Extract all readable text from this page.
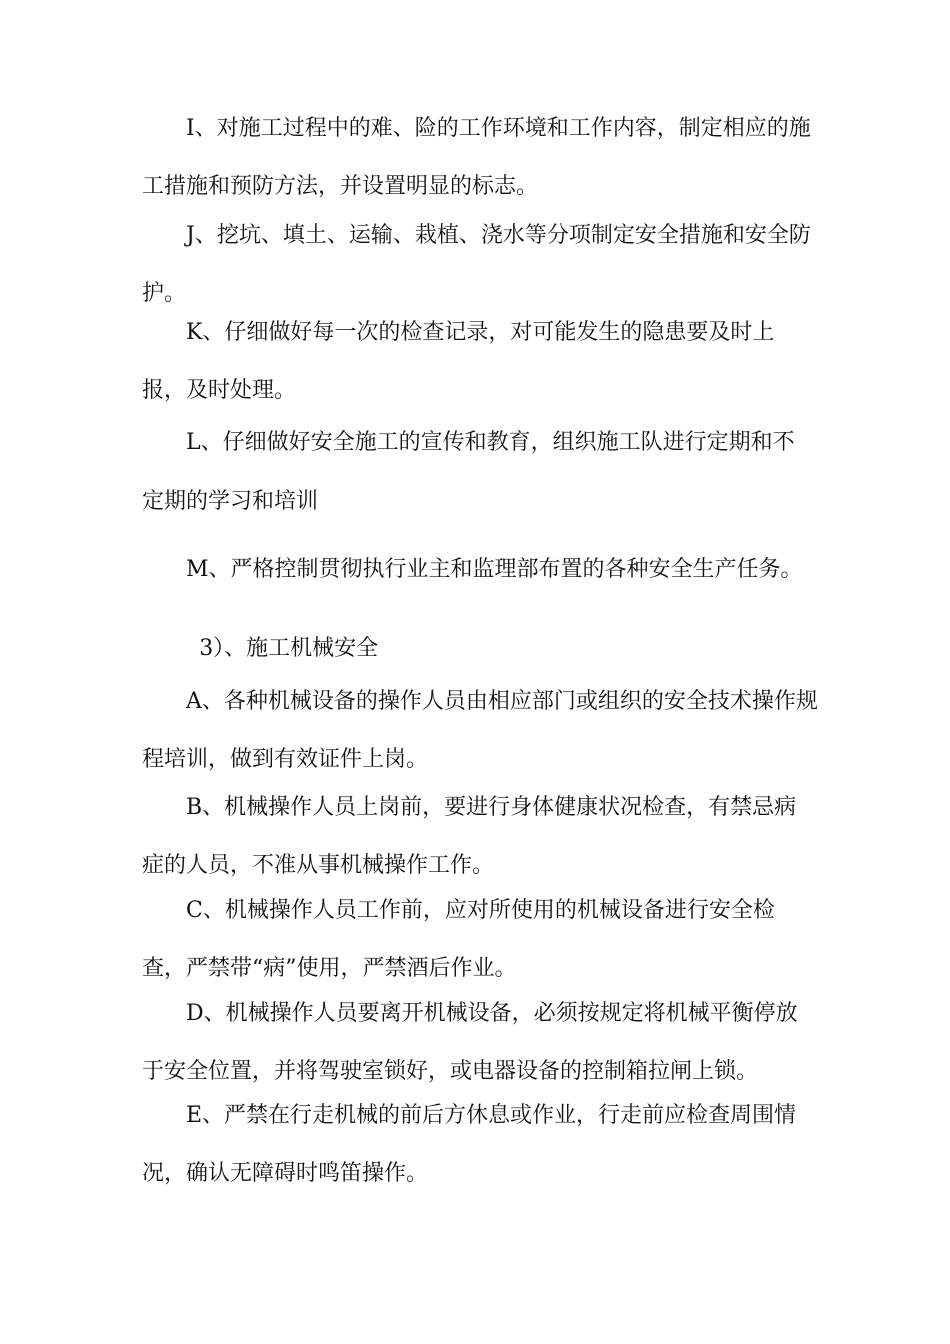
I、对施工过程中的难、险的工作环境和工作内容，制定相应的施工措施和预防方法，并设置明显的标志。

J、挖坑、填土、运输、栽植、浇水等分项制定安全措施和安全防护。

K、仔细做好每一次的检查记录，对可能发生的隐患要及时上报，及时处理。

L、仔细做好安全施工的宣传和教育，组织施工队进行定期和不

定期的学习和培训

M、严格控制贯彻执行业主和监理部布置的各种安全生产任务。

3）、施工机械安全

A、各种机械设备的操作人员由相应部门或组织的安全技术操作规程培训，做到有效证件上岗。

B、机械操作人员上岗前，要进行身体健康状况检查，有禁忌病症的人员，不准从事机械操作工作。

C、机械操作人员工作前，应对所使用的机械设备进行安全检查，严禁带“病”使用，严禁酒后作业。

D、机械操作人员要离开机械设备，必须按规定将机械平衡停放于安全位置，并将驾驶室锁好，或电器设备的控制箱拉闸上锁。

E、严禁在行走机械的前后方休息或作业，行走前应检查周围情况，确认无障碍时鸣笛操作。
